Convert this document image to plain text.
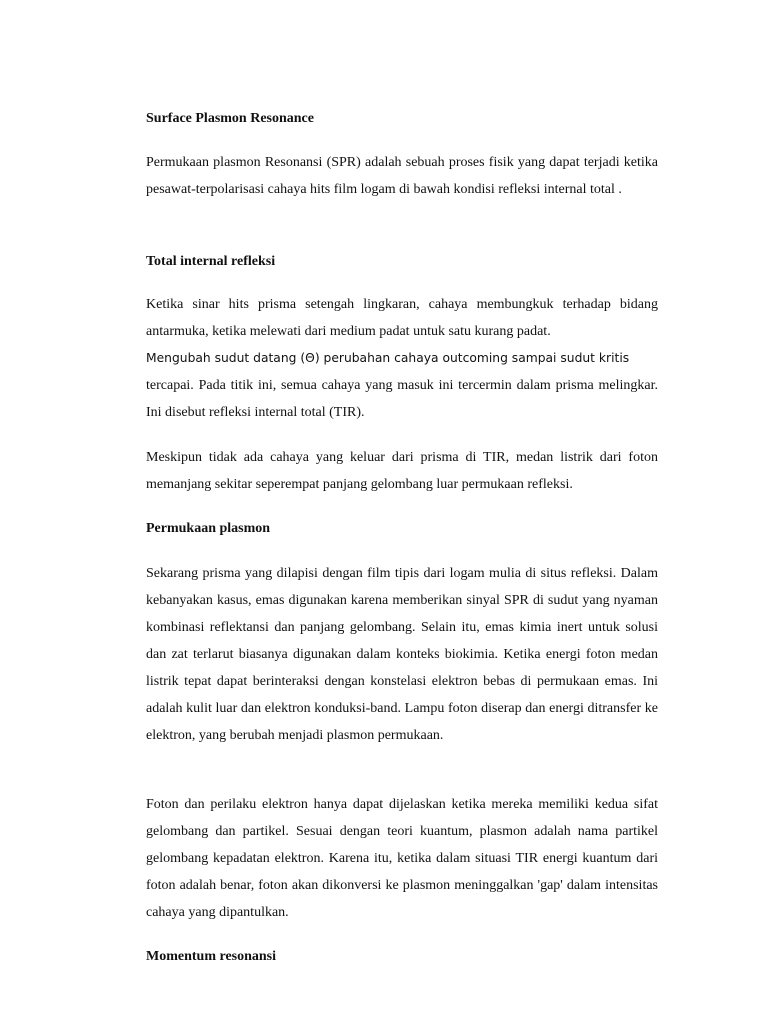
Surface Plasmon Resonance

Permukaan plasmon Resonansi (SPR) adalah sebuah proses fisik yang dapat terjadi ketika pesawat-terpolarisasi cahaya hits film logam di bawah kondisi refleksi internal total .

Total internal refleksi
Ketika sinar hits prisma setengah lingkaran, cahaya membungkuk terhadap bidang antarmuka, ketika melewati dari medium padat untuk satu kurang padat.
Mengubah sudut datang (Θ) perubahan cahaya outcoming sampai sudut kritis
tercapai. Pada titik ini, semua cahaya yang masuk ini tercermin dalam prisma melingkar. Ini disebut refleksi internal total (TIR).

Meskipun tidak ada cahaya yang keluar dari prisma di TIR, medan listrik dari foton memanjang sekitar seperempat panjang gelombang luar permukaan refleksi.

Permukaan plasmon

Sekarang prisma yang dilapisi dengan film tipis dari logam mulia di situs refleksi. Dalam kebanyakan kasus, emas digunakan karena memberikan sinyal SPR di sudut yang nyaman kombinasi reflektansi dan panjang gelombang. Selain itu, emas kimia inert untuk solusi dan zat terlarut biasanya digunakan dalam konteks biokimia. Ketika energi foton medan listrik tepat dapat berinteraksi dengan konstelasi elektron bebas di permukaan emas. Ini adalah kulit luar dan elektron konduksi-band. Lampu foton diserap dan energi ditransfer ke elektron, yang berubah menjadi plasmon permukaan.

Foton dan perilaku elektron hanya dapat dijelaskan ketika mereka memiliki kedua sifat gelombang dan partikel. Sesuai dengan teori kuantum, plasmon adalah nama partikel gelombang kepadatan elektron. Karena itu, ketika dalam situasi TIR energi kuantum dari foton adalah benar, foton akan dikonversi ke plasmon meninggalkan 'gap' dalam intensitas cahaya yang dipantulkan.

Momentum resonansi
